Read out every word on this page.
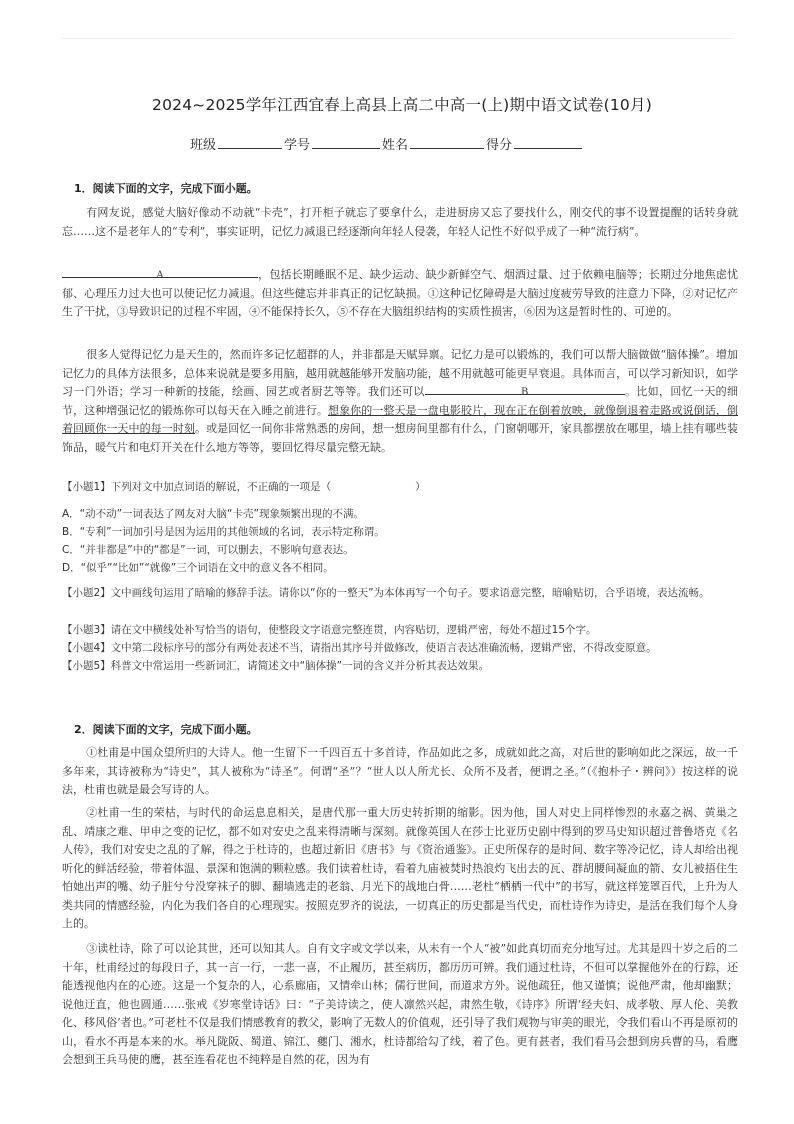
2024~2025学年江西宜春上高县上高二中高一(上)期中语文试卷(10月)
班级	学号	姓名	得分
1．阅读下面的文字，完成下面小题。
有网友说，感觉大脑好像动不动就“卡壳”，打开柜子就忘了要拿什么，走进厨房又忘了要找什么，刚交代的事不设置提醒的话转身就忘……这不是老年人的“专利”，事实证明，记忆力减退已经逐渐向年轻人侵袭，年轻人记性不好似乎成了一种“流行病”。
A	，包括长期睡眠不足、缺少运动、缺少新鲜空气、烟酒过量、过于依赖电脑等；长期过分地焦虑忧郁、心理压力过大也可以使记忆力减退。但这些健忘并非真正的记忆缺损。①这种记忆障碍是大脑过度疲劳导致的注意力下降，②对记忆产生了干扰，③导致识记的过程不牢固，④不能保持长久，⑤不存在大脑组织结构的实质性损害，⑥因为这是暂时性的、可逆的。
很多人觉得记忆力是天生的，然而许多记忆超群的人，并非都是天赋异禀。记忆力是可以锻炼的，我们可以帮大脑做做“脑体操”。增加记忆力的具体方法很多，总体来说就是要多用脑，越用就越能够开发脑功能，越不用就越可能更早衰退。具体而言，可以学习新知识，如学习一门外语；学习一种新的技能，绘画、园艺或者厨艺等等。我们还可以	B	。比如，回忆一天的细节，这种增强记忆的锻炼你可以每天在入睡之前进行。想象你的一整天是一盘电影胶片，现在正在倒着放映，就像倒退着走路或说倒话，倒着回顾你一天中的每一时刻。或是回忆一间你非常熟悉的房间，想一想房间里都有什么，门窗朝哪开，家具都摆放在哪里，墙上挂有哪些装饰品，暖气片和电灯开关在什么地方等等，要回忆得尽量完整无缺。
【小题1】下列对文中加点词语的解说，不正确的一项是（　　　　　　　　）
A．“动不动”一词表达了网友对大脑“卡壳”现象频繁出现的不满。
B．“专利”一词加引号是因为运用的其他领域的名词，表示特定称谓。
C．“并非都是”中的“都是”一词，可以删去，不影响句意表达。
D．“似乎”“比如”“就像”三个词语在文中的意义各不相同。
【小题2】文中画线句运用了暗喻的修辞手法。请你以“你的一整天”为本体再写一个句子。要求语意完整，暗喻贴切，合乎语境，表达流畅。
【小题3】请在文中横线处补写恰当的语句，使整段文字语意完整连贯，内容贴切，逻辑严密，每处不超过15个字。
【小题4】文中第二段标序号的部分有两处表述不当，请指出其序号并做修改，使语言表达准确流畅，逻辑严密，不得改变原意。
【小题5】科普文中常运用一些新词汇，请简述文中“脑体操”一词的含义并分析其表达效果。
2．阅读下面的文字，完成下面小题。
①杜甫是中国众望所归的大诗人。他一生留下一千四百五十多首诗，作品如此之多，成就如此之高，对后世的影响如此之深远，故一千多年来，其诗被称为“诗史”，其人被称为“诗圣”。何谓“圣”？“世人以人所尤长、众所不及者，便谓之圣。”（《抱朴子・辨问》）按这样的说法，杜甫也就是最会写诗的人。
②杜甫一生的荣枯，与时代的命运息息相关，是唐代那一重大历史转折期的缩影。因为他，国人对史上同样惨烈的永嘉之祸、黄巢之乱、靖康之难、甲申之变的记忆，都不如对安史之乱来得清晰与深刻。就像英国人在莎士比亚历史剧中得到的罗马史知识超过普鲁塔克《名人传》，我们对安史之乱的了解，得之于杜诗的，也超过新旧《唐书》与《资治通鉴》。正史所保存的是时间、数字等冷记忆，诗人却给出视听化的鲜活经验，带着体温、景深和饱满的颗粒感。我们读着杜诗，看着九庙被焚时热浪灼飞出去的瓦、群胡腰间凝血的箭、女儿被捂住生怕她出声的嘴、幼子脏兮兮没穿袜子的脚、翻墙逃走的老翁、月光下的战地白骨……老杜“栖栖一代中”的书写，就这样笼罩百代，上升为人类共同的情感经验，内化为我们各自的心理现实。按照克罗齐的说法，一切真正的历史都是当代史，而杜诗作为诗史，是活在我们每个人身上的。
③读杜诗，除了可以论其世，还可以知其人。自有文字或文学以来，从未有一个人“被”如此真切而充分地写过。尤其是四十岁之后的二十年，杜甫经过的每段日子，其一言一行，一悲一喜，不止履历，甚至病历，都历历可辨。我们通过杜诗，不但可以掌握他外在的行踪，还能透视他内在的心迹。这是一个复杂的人，心系廊庙，又情牵山林；儒行世间，而道求方外。说他疏狂，他又谨慎；说他严肃，他却幽默；说他迂直，他也圆通……张戒《岁寒堂诗话》曰：“子美诗读之，使人凛然兴起，肃然生敬，《诗序》所谓‘经夫妇、成孝敬、厚人伦、美教化、移风俗’者也。”可老杜不仅是我们情感教育的教父，影响了无数人的价值观，还引导了我们观物与审美的眼光，令我们看山不再是原初的山，看水不再是本来的水。举凡陇阪、蜀道、锦江、夔门、湘水，杜诗都给勾了线，着了色。更有甚者，我们看马会想到房兵曹的马，看鹰会想到王兵马使的鹰，甚至连看花也不纯粹是自然的花，因为有
